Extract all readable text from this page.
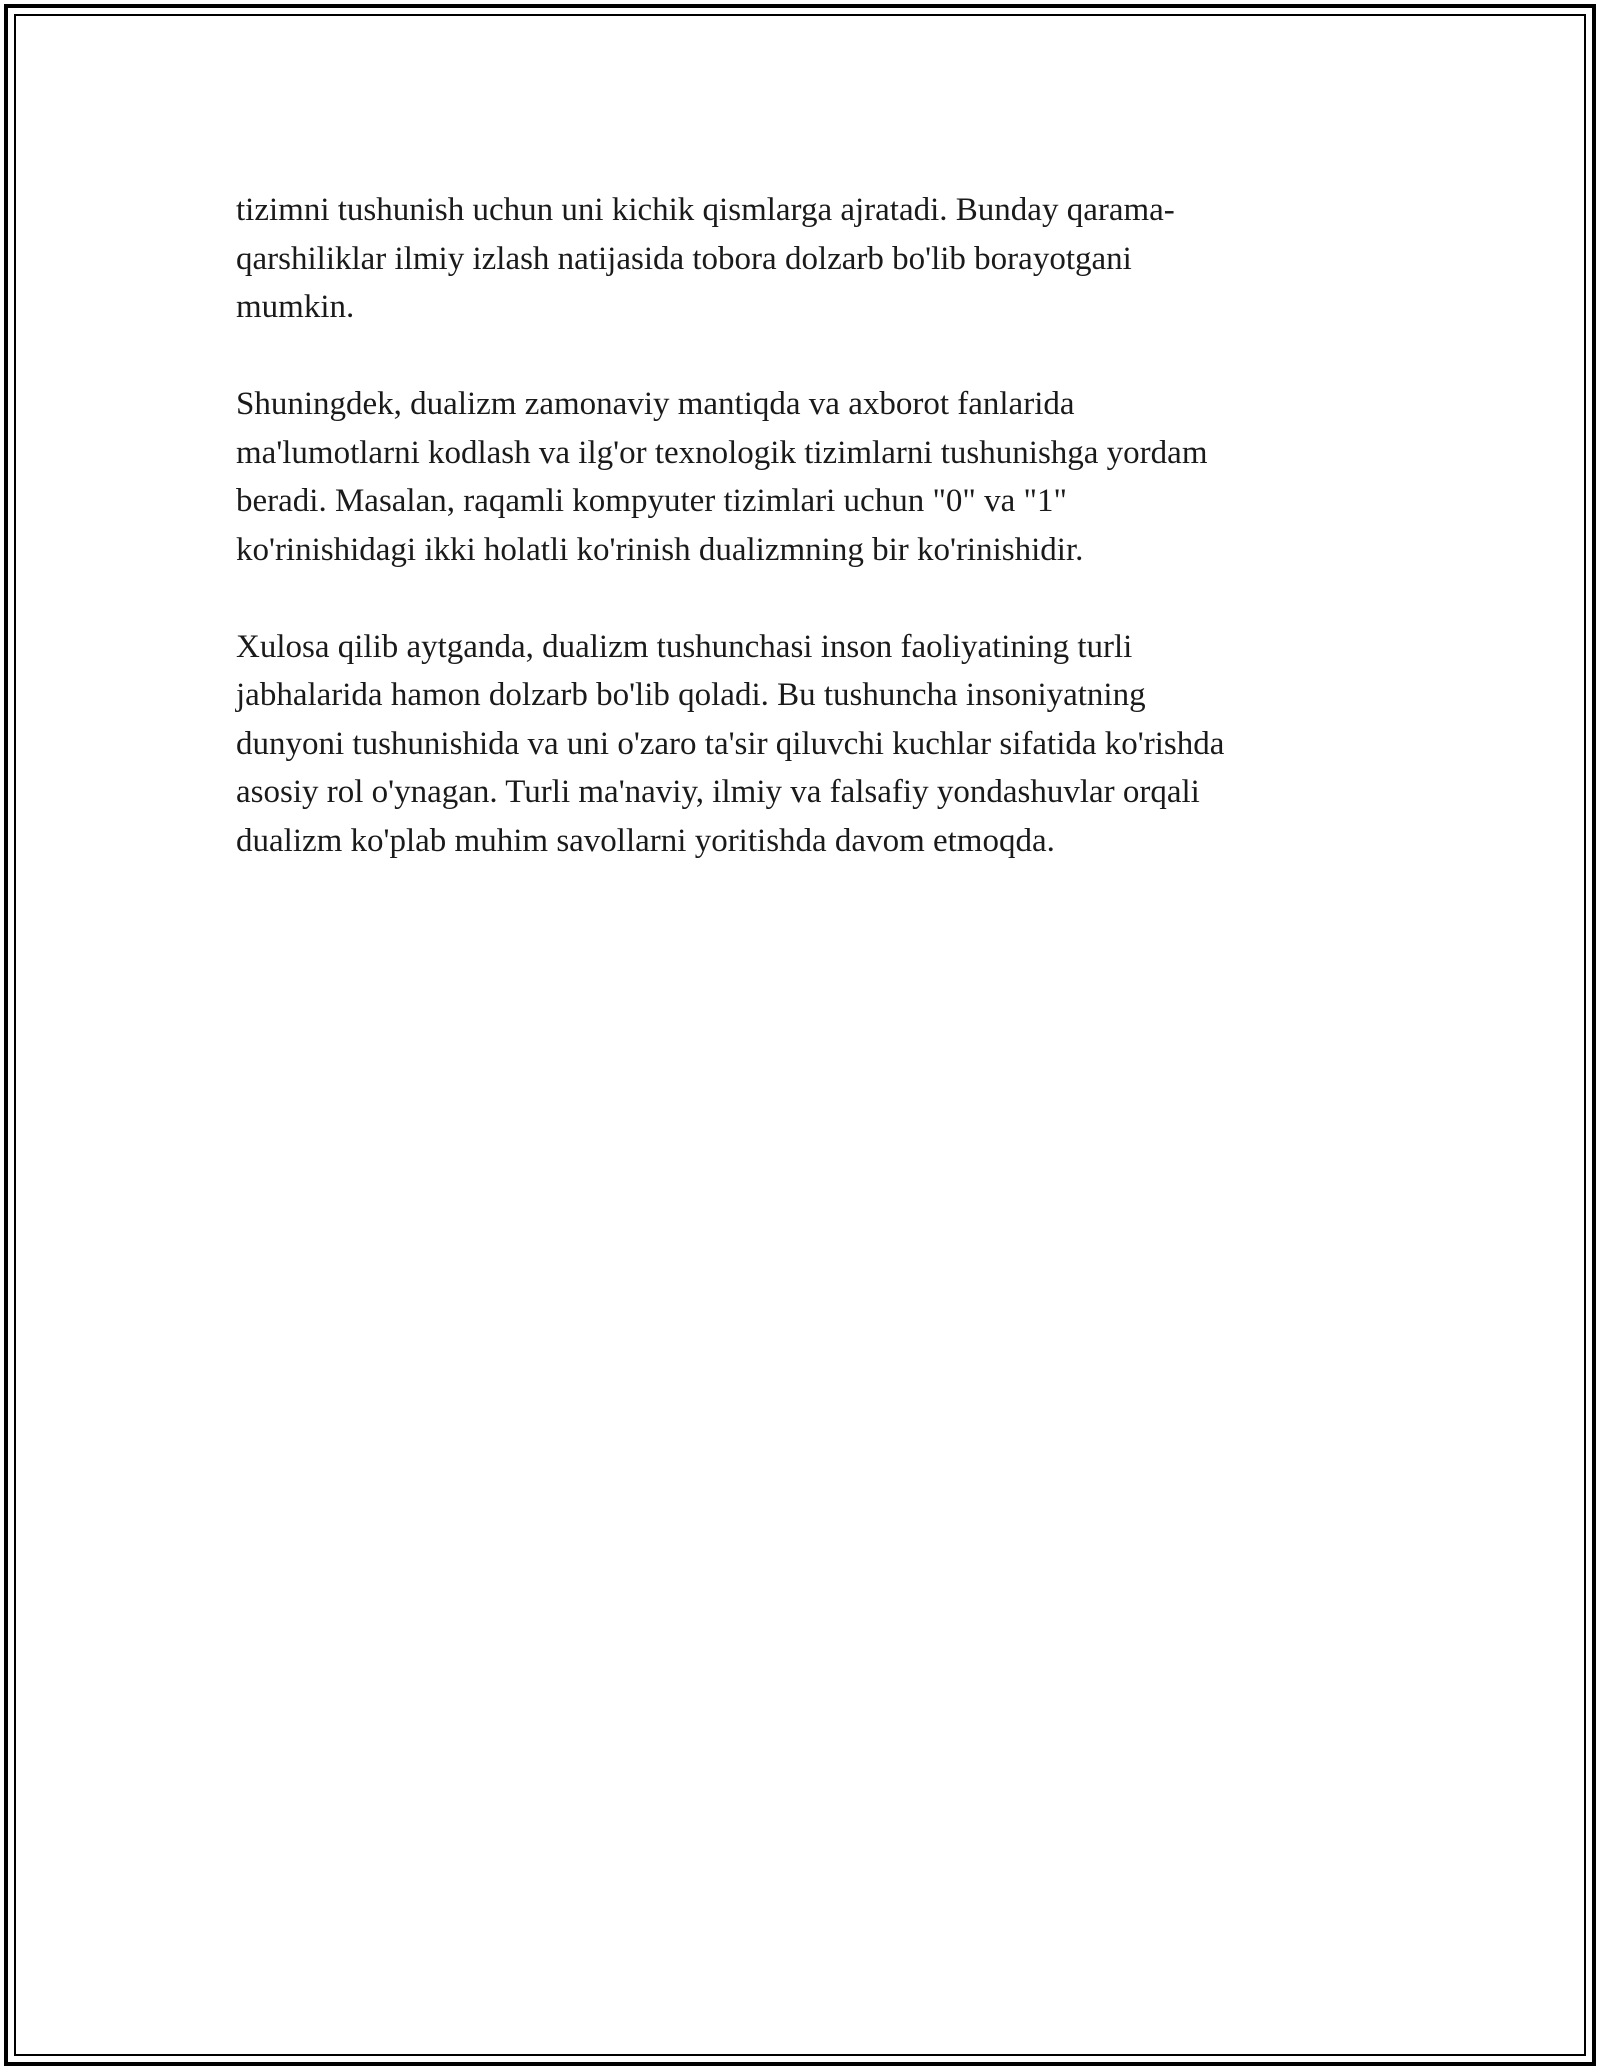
tizimni tushunish uchun uni kichik qismlarga ajratadi. Bunday qarama-
qarshiliklar ilmiy izlash natijasida tobora dolzarb bo'lib borayotgani
mumkin.

Shuningdek, dualizm zamonaviy mantiqda va axborot fanlarida
ma'lumotlarni kodlash va ilg'or texnologik tizimlarni tushunishga yordam
beradi. Masalan, raqamli kompyuter tizimlari uchun "0" va "1"
ko'rinishidagi ikki holatli ko'rinish dualizmning bir ko'rinishidir.

Xulosa qilib aytganda, dualizm tushunchasi inson faoliyatining turli
jabhalarida hamon dolzarb bo'lib qoladi. Bu tushuncha insoniyatning
dunyoni tushunishida va uni o'zaro ta'sir qiluvchi kuchlar sifatida ko'rishda
asosiy rol o'ynagan. Turli ma'naviy, ilmiy va falsafiy yondashuvlar orqali
dualizm ko'plab muhim savollarni yoritishda davom etmoqda.
